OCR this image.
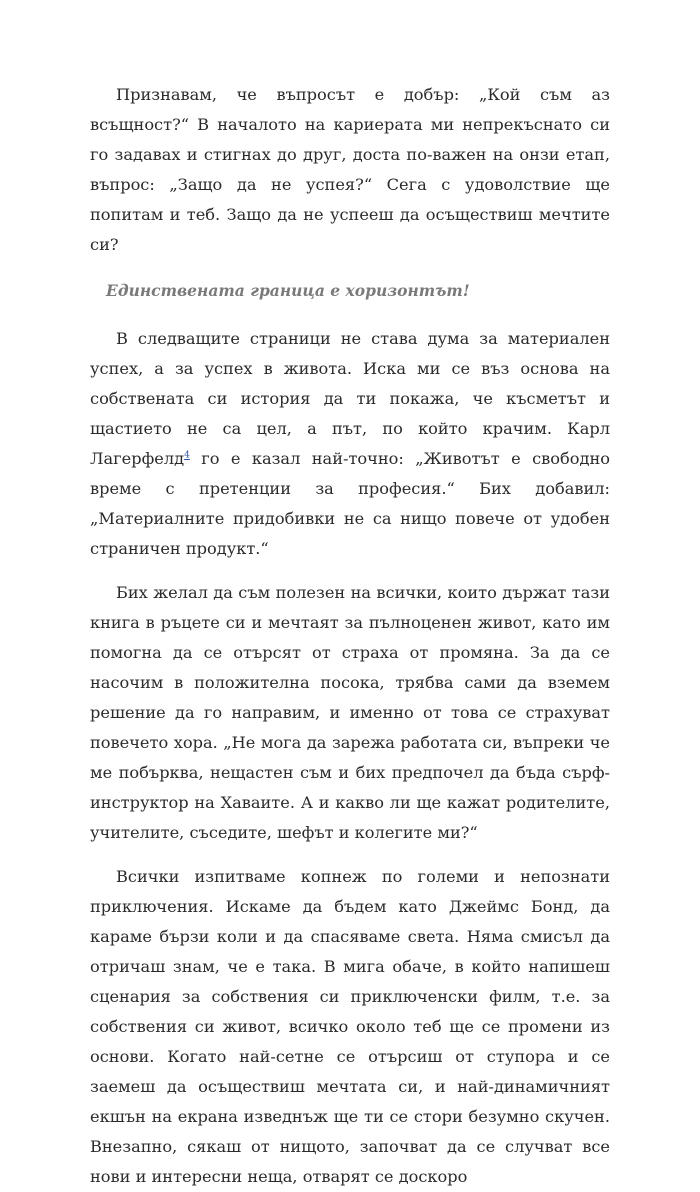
Признавам, че въпросът е добър: „Кой съм аз всъщност?“ В началото на кариерата ми непрекъснато си го задавах и стигнах до друг, доста по-важен на онзи етап, въпрос: „Защо да не успея?“ Сега с удоволствие ще попитам и теб. Защо да не успееш да осъществиш мечтите си?

Единствената граница е хоризонтът!

В следващите страници не става дума за материален успех, а за успех в живота. Иска ми се въз основа на собствената си история да ти покажа, че късметът и щастието не са цел, а път, по който крачим. Карл Лагерфелд$^4$ го е казал най-точно: „Животът е свободно време с претенции за професия.“ Бих добавил: „Материалните придобивки не са нищо повече от удобен страничен продукт.“

Бих желал да съм полезен на всички, които държат тази книга в ръцете си и мечтаят за пълноценен живот, като им помогна да се отърсят от страха от промяна. За да се насочим в положителна посока, трябва сами да вземем решение да го направим, и именно от това се страхуват повечето хора. „Не мога да зарежа работата си, въпреки че ме побърква, нещастен съм и бих предпочел да бъда сърф-инструктор на Хаваите. А и какво ли ще кажат родителите, учителите, съседите, шефът и колегите ми?“

Всички изпитваме копнеж по големи и непознати приключения. Искаме да бъдем като Джеймс Бонд, да караме бързи коли и да спасяваме света. Няма смисъл да отричаш знам, че е така. В мига обаче, в който напишеш сценария за собствения си приключенски филм, т.е. за собствения си живот, всичко около теб ще се промени из основи. Когато най-сетне се отърсиш от ступора и се заемеш да осъществиш мечтата си, и най-динамичният екшън на екрана изведнъж ще ти се стори безумно скучен. Внезапно, сякаш от нищото, започват да се случват все нови и интересни неща, отварят се доскоро
